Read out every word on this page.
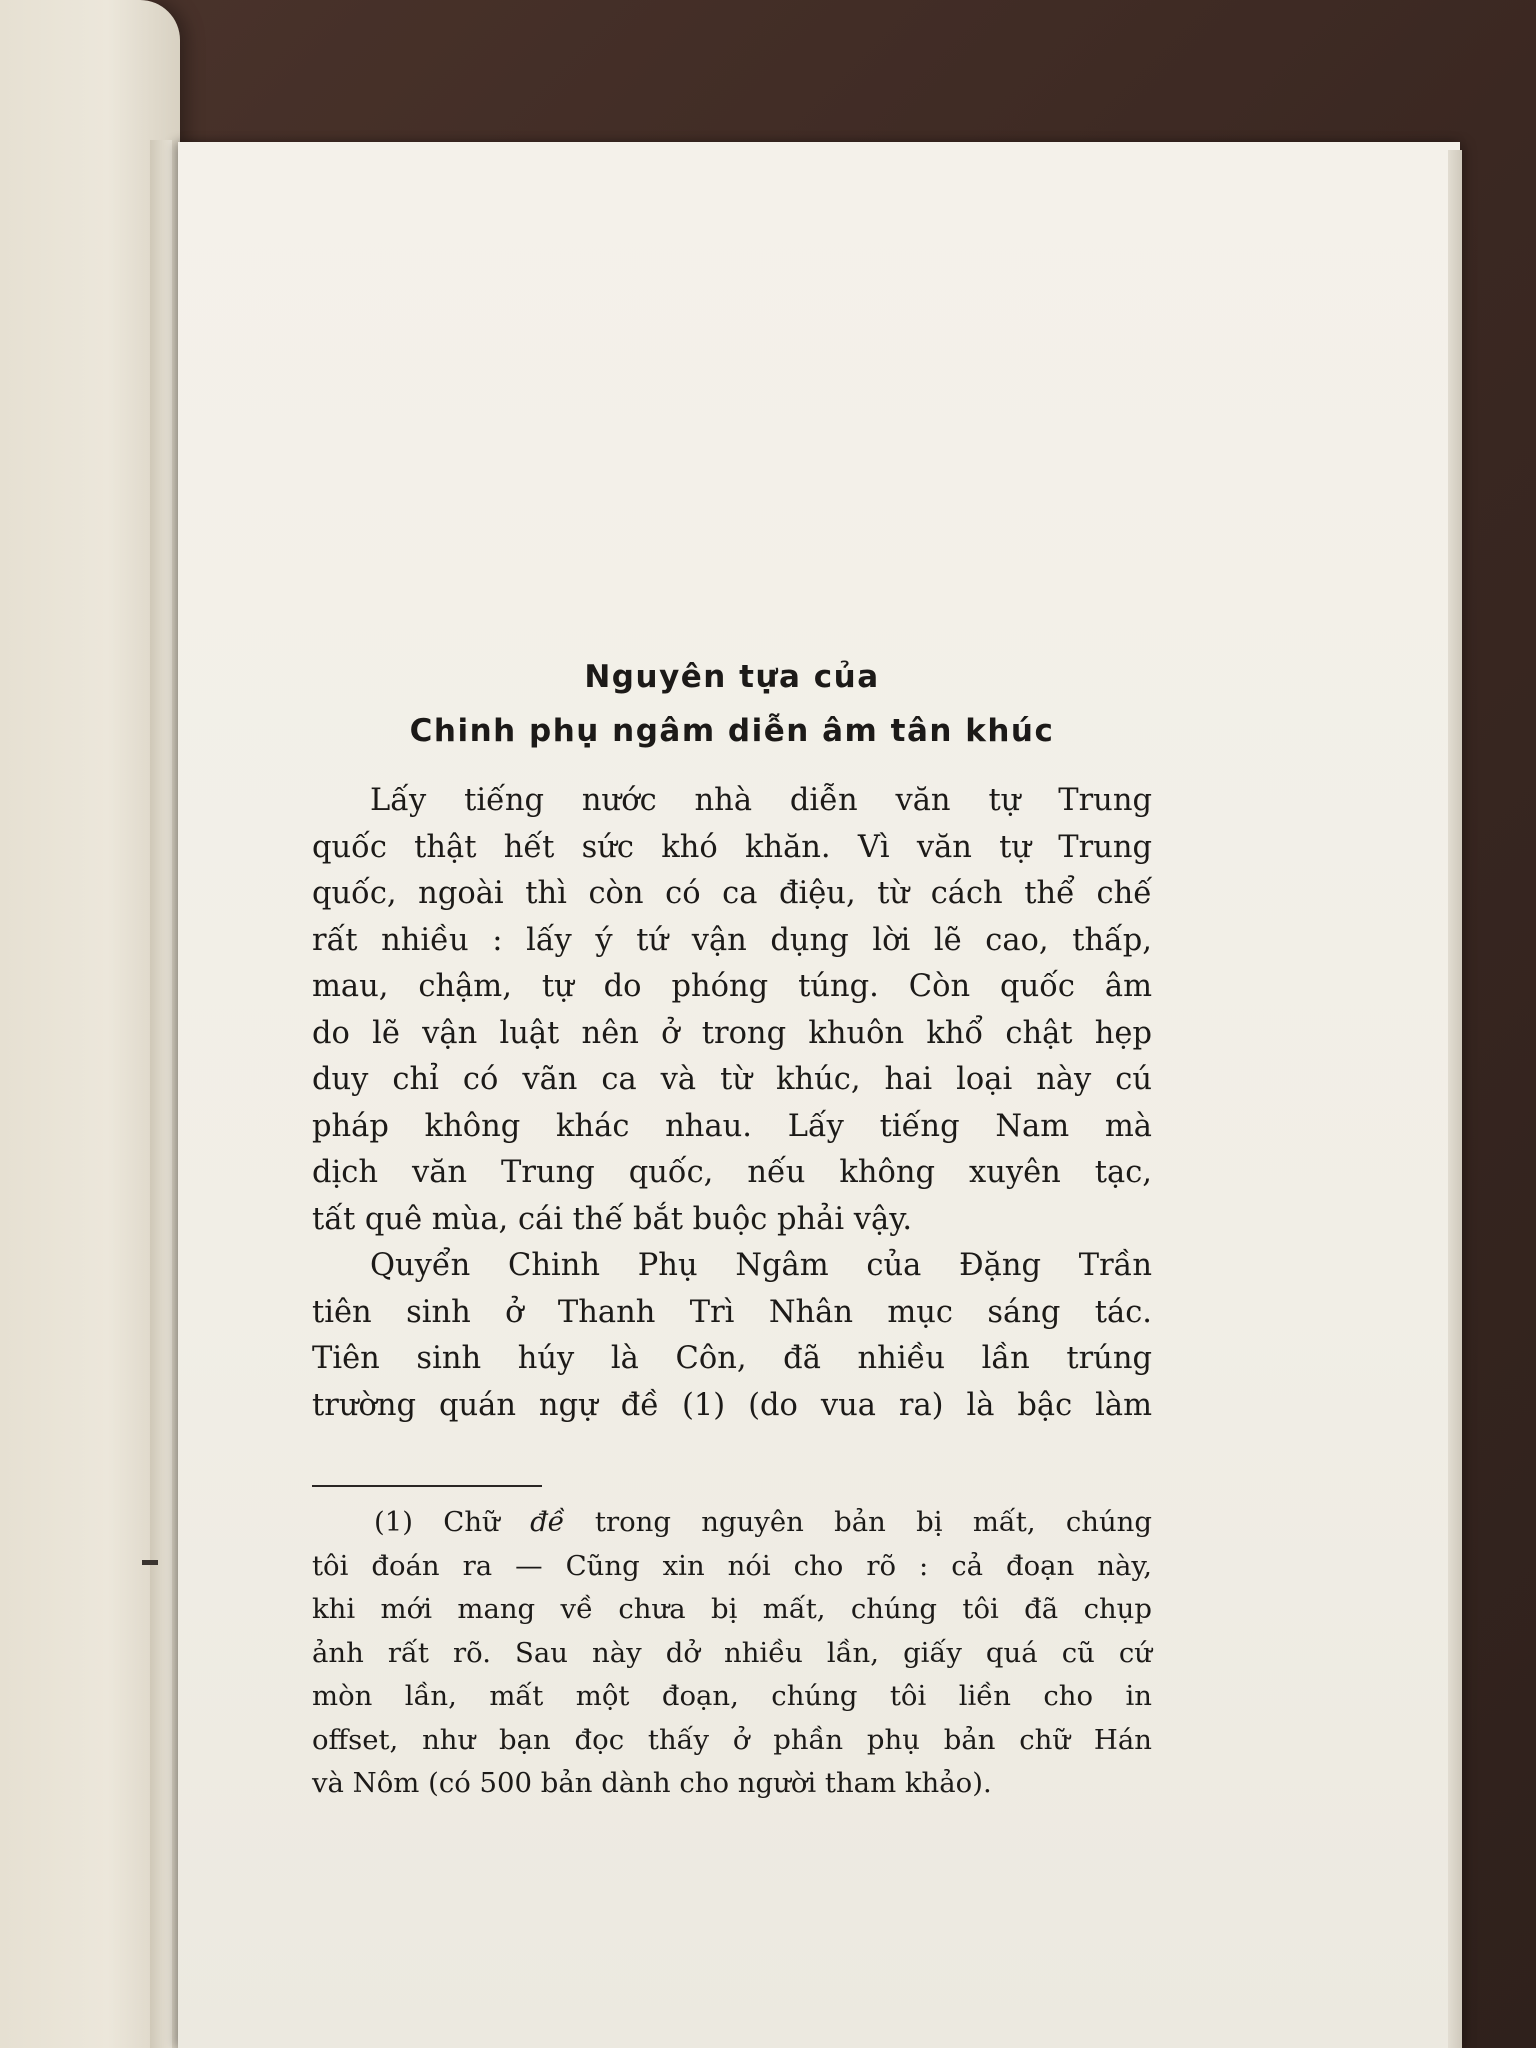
Nguyên tựa của
Chinh phụ ngâm diễn âm tân khúc
Lấy tiếng nước nhà diễn văn tự Trung
quốc thật hết sức khó khăn. Vì văn tự Trung
quốc, ngoài thì còn có ca điệu, từ cách thể chế
rất nhiều : lấy ý tứ vận dụng lời lẽ cao, thấp,
mau, chậm, tự do phóng túng. Còn quốc âm
do lẽ vận luật nên ở trong khuôn khổ chật hẹp
duy chỉ có vãn ca và từ khúc, hai loại này cú
pháp không khác nhau. Lấy tiếng Nam mà
dịch văn Trung quốc, nếu không xuyên tạc,
tất quê mùa, cái thế bắt buộc phải vậy.
Quyển Chinh Phụ Ngâm của Đặng Trần
tiên sinh ở Thanh Trì Nhân mục sáng tác.
Tiên sinh húy là Côn, đã nhiều lần trúng
trường quán ngự đề (1) (do vua ra) là bậc làm
(1) Chữ đề trong nguyên bản bị mất, chúng
tôi đoán ra — Cũng xin nói cho rõ : cả đoạn này,
khi mới mang về chưa bị mất, chúng tôi đã chụp
ảnh rất rõ. Sau này dở nhiều lần, giấy quá cũ cứ
mòn lần, mất một đoạn, chúng tôi liền cho in
offset, như bạn đọc thấy ở phần phụ bản chữ Hán
và Nôm (có 500 bản dành cho người tham khảo).
